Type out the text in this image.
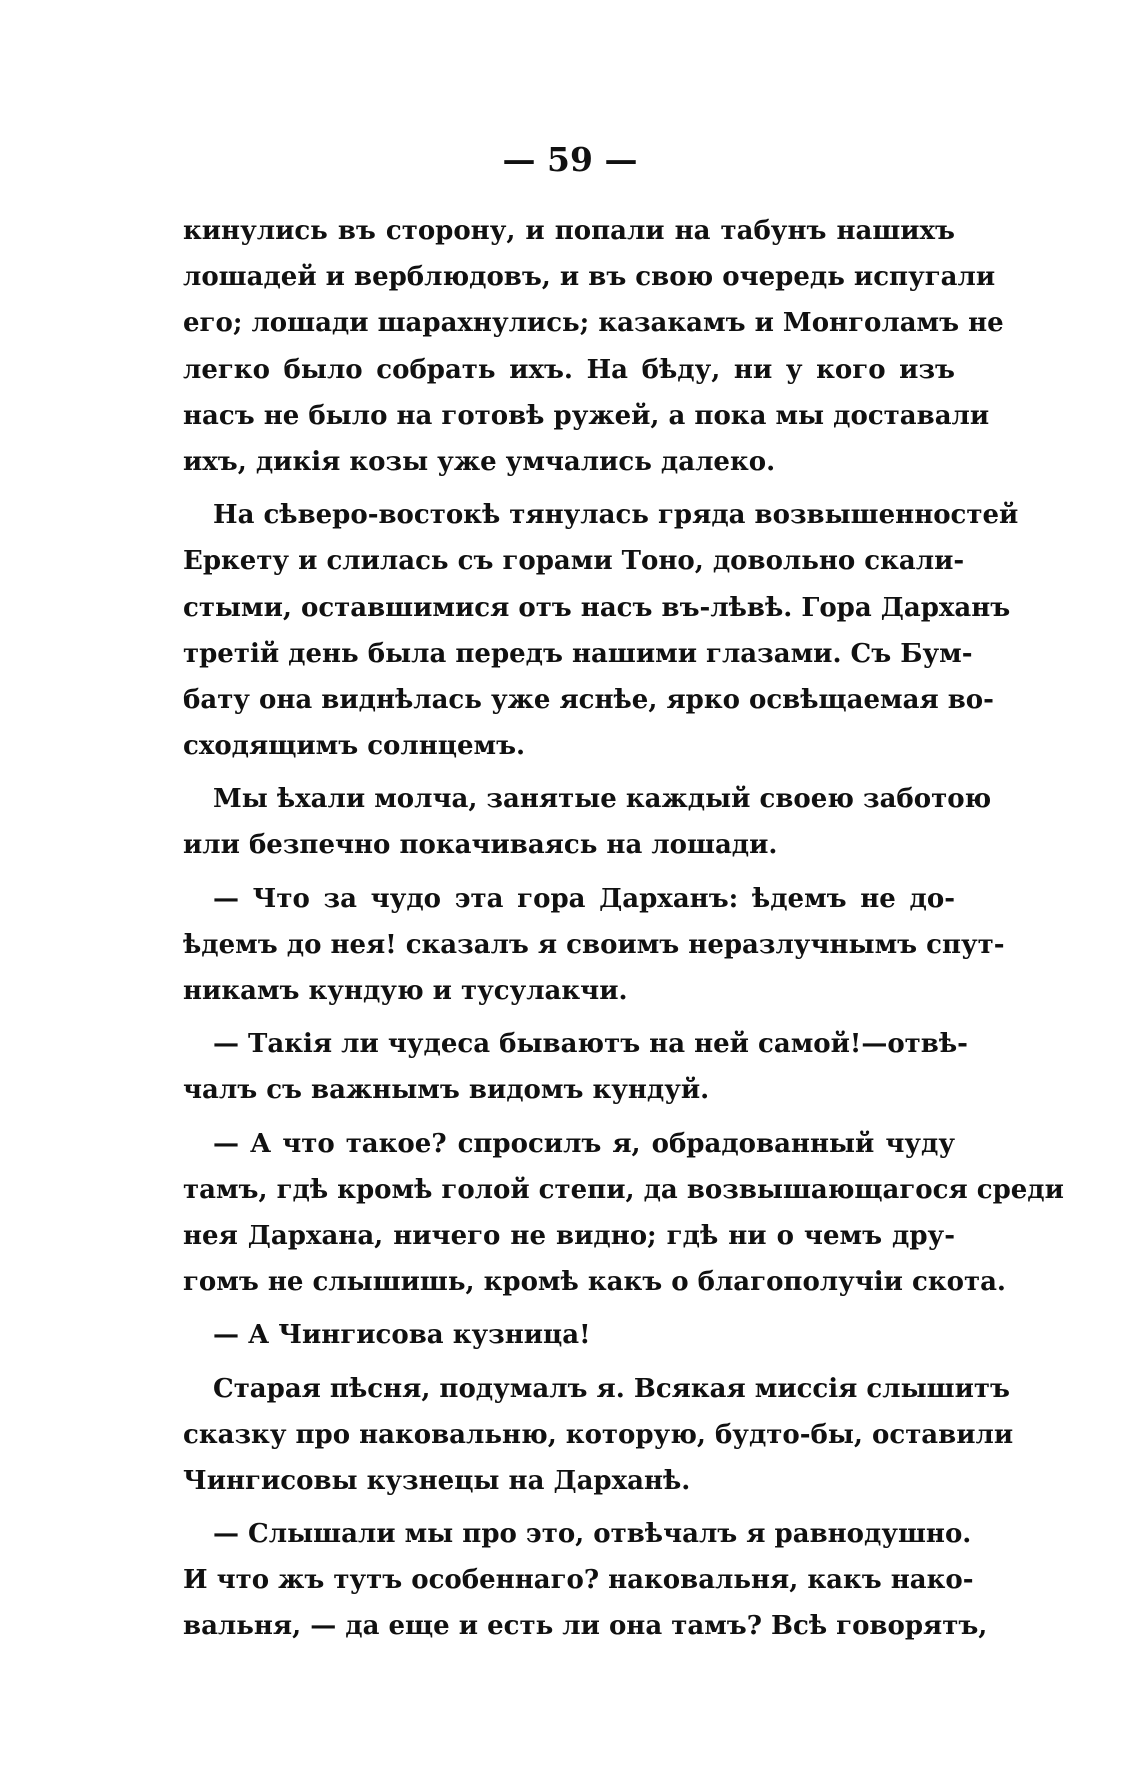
— 59 —
кинулись въ сторону, и попали на табунъ нашихъ
лошадей и верблюдовъ, и въ свою очередь испугали
его; лошади шарахнулись; казакамъ и Монголамъ не
легко было собрать ихъ. На бѣду, ни у кого изъ
насъ не было на готовѣ ружей, а пока мы доставали
ихъ, дикія козы уже умчались далеко.
На сѣверо-востокѣ тянулась гряда возвышенностей
Еркету и слилась съ горами Тоно, довольно скали-
стыми, оставшимися отъ насъ въ-лѣвѣ. Гора Дарханъ
третій день была передъ нашими глазами. Съ Бум-
бату она виднѣлась уже яснѣе, ярко освѣщаемая во-
сходящимъ солнцемъ.
Мы ѣхали молча, занятые каждый своею заботою
или безпечно покачиваясь на лошади.
— Что за чудо эта гора Дарханъ: ѣдемъ не до-
ѣдемъ до нея! сказалъ я своимъ неразлучнымъ спут-
никамъ кундую и тусулакчи.
— Такія ли чудеса бываютъ на ней самой!—отвѣ-
чалъ съ важнымъ видомъ кундуй.
— А что такое? спросилъ я, обрадованный чуду
тамъ, гдѣ кромѣ голой степи, да возвышающагося среди
нея Дархана, ничего не видно; гдѣ ни о чемъ дру-
гомъ не слышишь, кромѣ какъ о благополучіи скота.
— А Чингисова кузница!
Старая пѣсня, подумалъ я. Всякая миссія слышитъ
сказку про наковальню, которую, будто-бы, оставили
Чингисовы кузнецы на Дарханѣ.
— Слышали мы про это, отвѣчалъ я равнодушно.
И что жъ тутъ особеннаго? наковальня, какъ нако-
вальня, — да еще и есть ли она тамъ? Всѣ говорятъ,
